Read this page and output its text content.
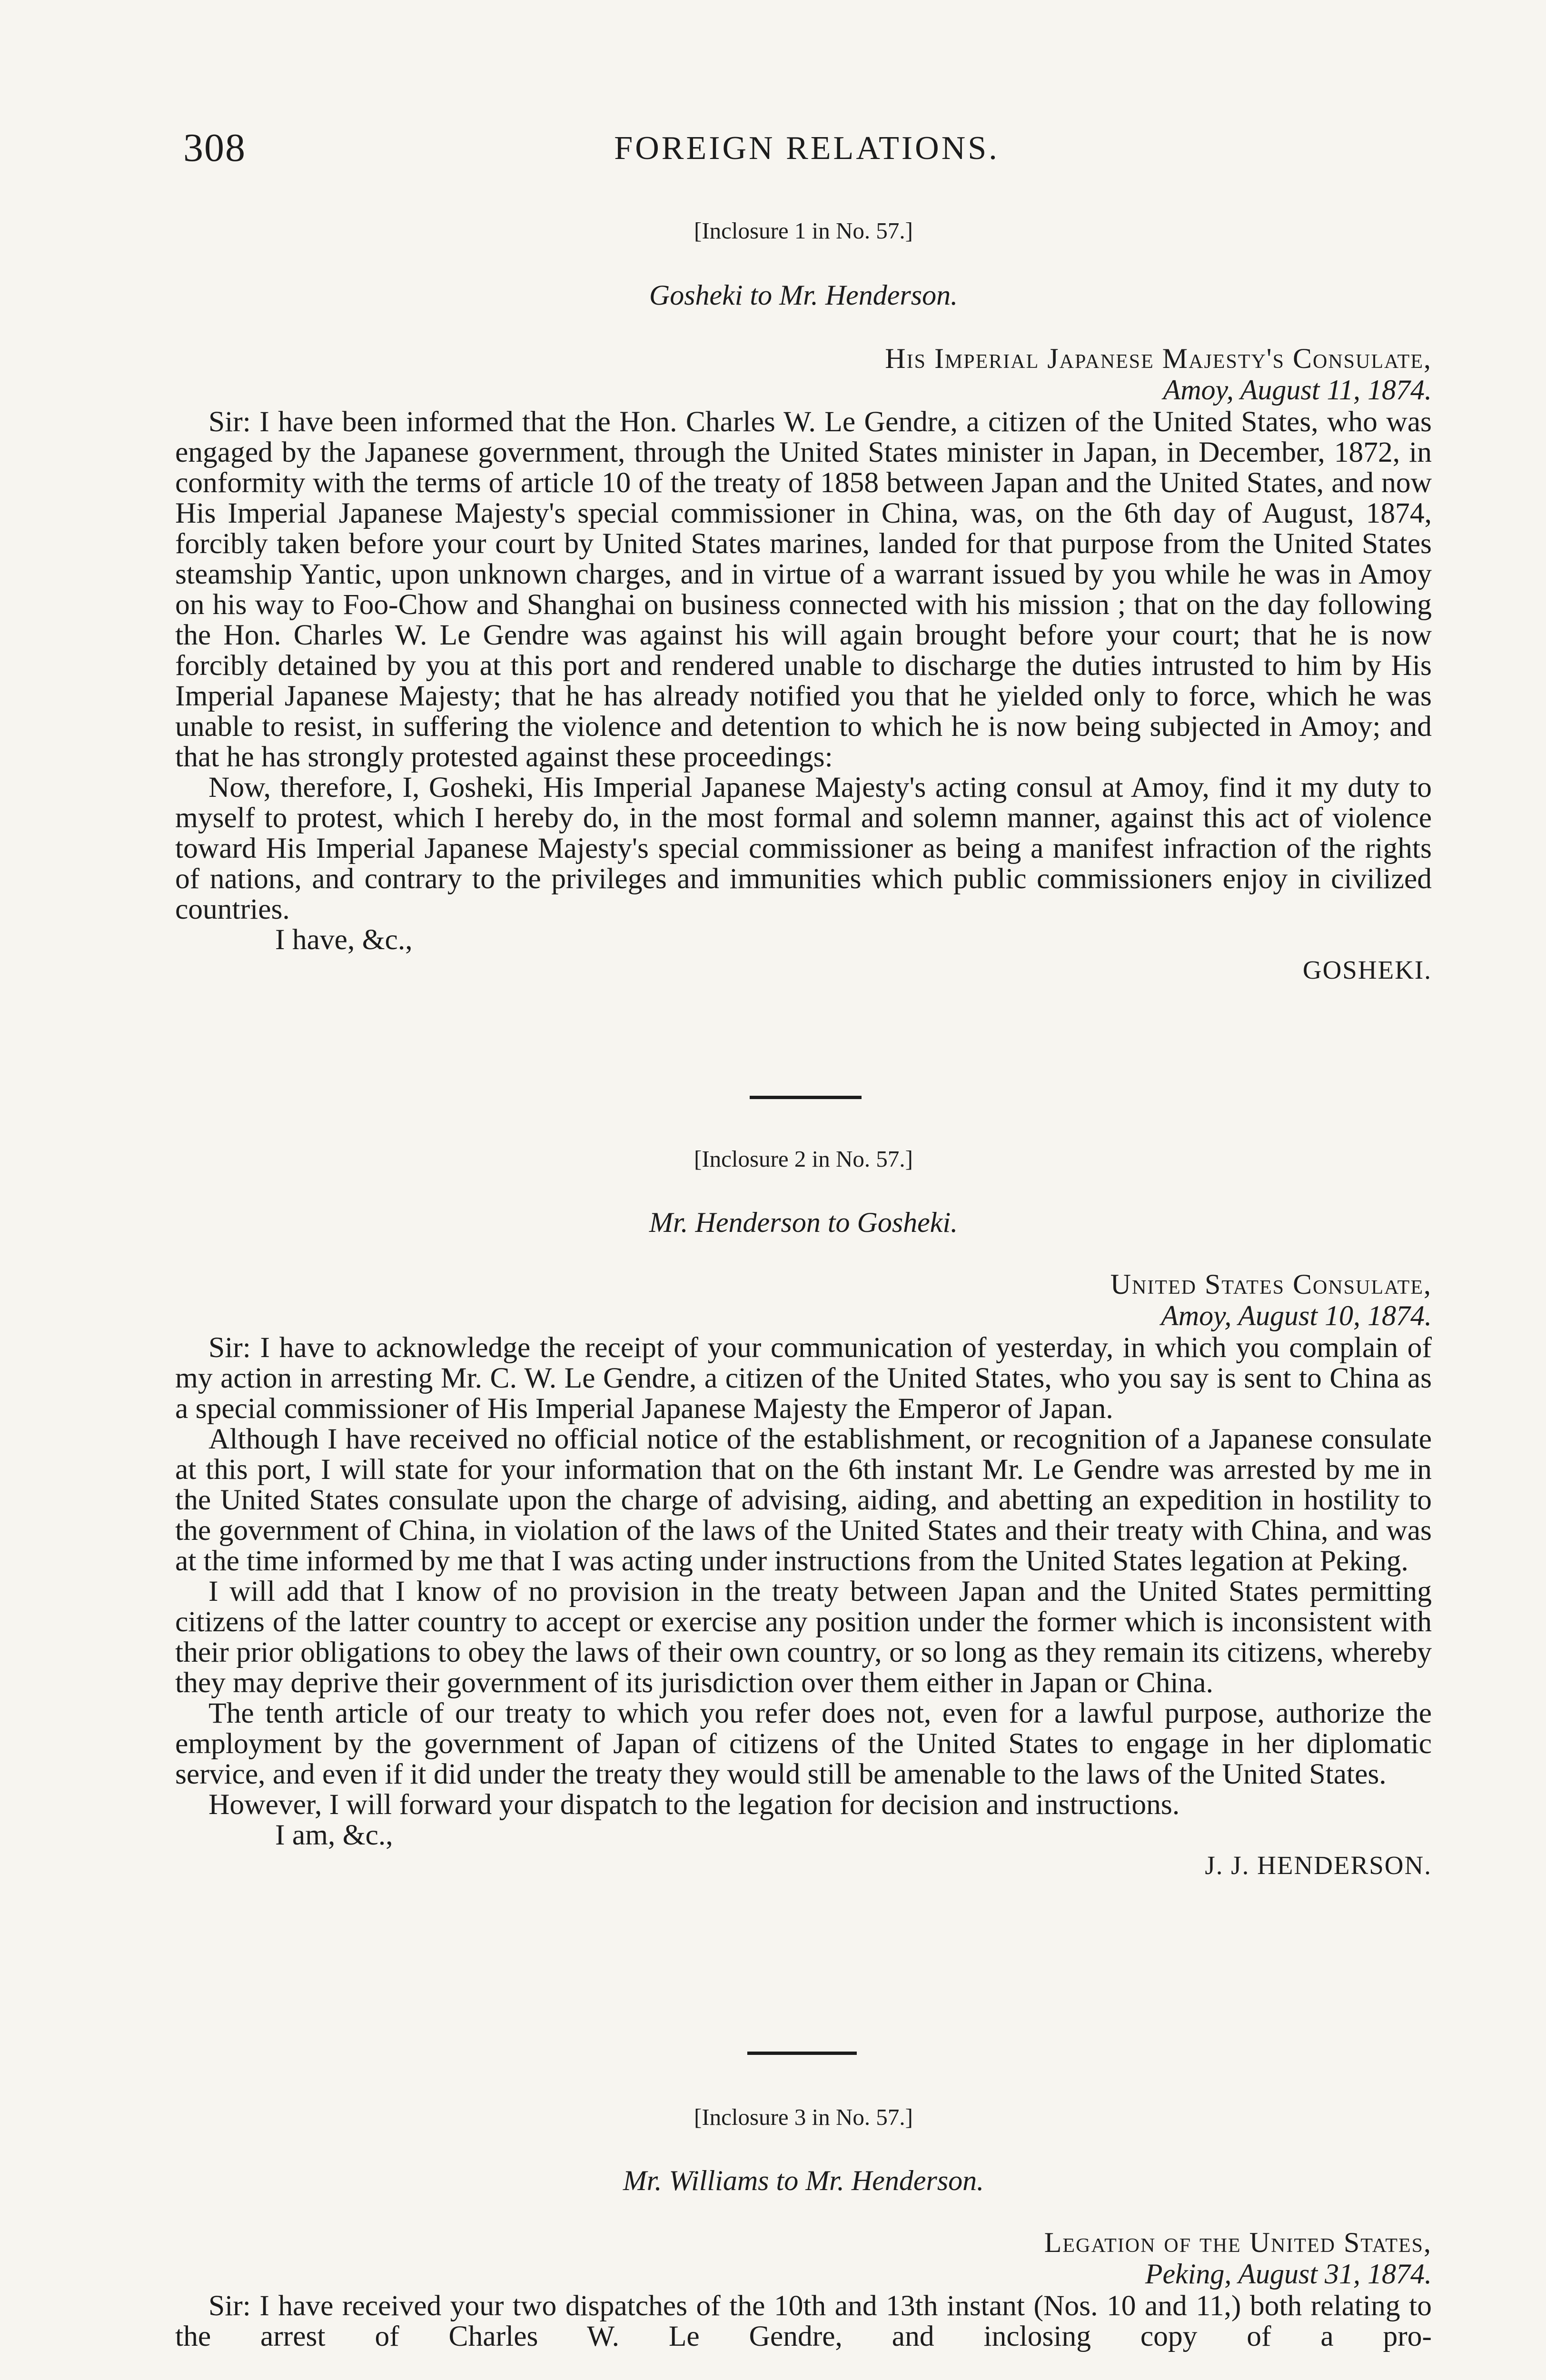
308	FOREIGN RELATIONS.
[Inclosure 1 in No. 57.]
Gosheki to Mr. Henderson.
His Imperial Japanese Majesty's Consulate,
Amoy, August 11, 1874.

Sir: I have been informed that the Hon. Charles W. Le Gendre, a citizen of the United States, who was engaged by the Japanese government, through the United States minister in Japan, in December, 1872, in conformity with the terms of article 10 of the treaty of 1858 between Japan and the United States, and now His Imperial Japanese Majesty's special commissioner in China, was, on the 6th day of August, 1874, forcibly taken before your court by United States marines, landed for that purpose from the United States steamship Yantic, upon unknown charges, and in virtue of a warrant issued by you while he was in Amoy on his way to Foo-Chow and Shanghai on business connected with his mission ; that on the day following the Hon. Charles W. Le Gendre was against his will again brought before your court; that he is now forcibly detained by you at this port and rendered unable to discharge the duties intrusted to him by His Imperial Japanese Majesty; that he has already notified you that he yielded only to force, which he was unable to resist, in suffering the violence and detention to which he is now being subjected in Amoy; and that he has strongly protested against these proceedings:

Now, therefore, I, Gosheki, His Imperial Japanese Majesty's acting consul at Amoy, find it my duty to myself to protest, which I hereby do, in the most formal and solemn manner, against this act of violence toward His Imperial Japanese Majesty's special commissioner as being a manifest infraction of the rights of nations, and contrary to the privileges and immunities which public commissioners enjoy in civilized countries.

I have, &c.,

GOSHEKI.
[Inclosure 2 in No. 57.]
Mr. Henderson to Gosheki.
United States Consulate,
Amoy, August 10, 1874.

Sir: I have to acknowledge the receipt of your communication of yesterday, in which you complain of my action in arresting Mr. C. W. Le Gendre, a citizen of the United States, who you say is sent to China as a special commissioner of His Imperial Japanese Majesty the Emperor of Japan.

Although I have received no official notice of the establishment, or recognition of a Japanese consulate at this port, I will state for your information that on the 6th instant Mr. Le Gendre was arrested by me in the United States consulate upon the charge of advising, aiding, and abetting an expedition in hostility to the government of China, in violation of the laws of the United States and their treaty with China, and was at the time informed by me that I was acting under instructions from the United States legation at Peking.

I will add that I know of no provision in the treaty between Japan and the United States permitting citizens of the latter country to accept or exercise any position under the former which is inconsistent with their prior obligations to obey the laws of their own country, or so long as they remain its citizens, whereby they may deprive their government of its jurisdiction over them either in Japan or China.

The tenth article of our treaty to which you refer does not, even for a lawful purpose, authorize the employment by the government of Japan of citizens of the United States to engage in her diplomatic service, and even if it did under the treaty they would still be amenable to the laws of the United States.

However, I will forward your dispatch to the legation for decision and instructions.

I am, &c.,

J. J. HENDERSON.
[Inclosure 3 in No. 57.]
Mr. Williams to Mr. Henderson.
Legation of the United States,
Peking, August 31, 1874.

Sir: I have received your two dispatches of the 10th and 13th instant (Nos. 10 and 11,) both relating to the arrest of Charles W. Le Gendre, and inclosing copy of a pro-
